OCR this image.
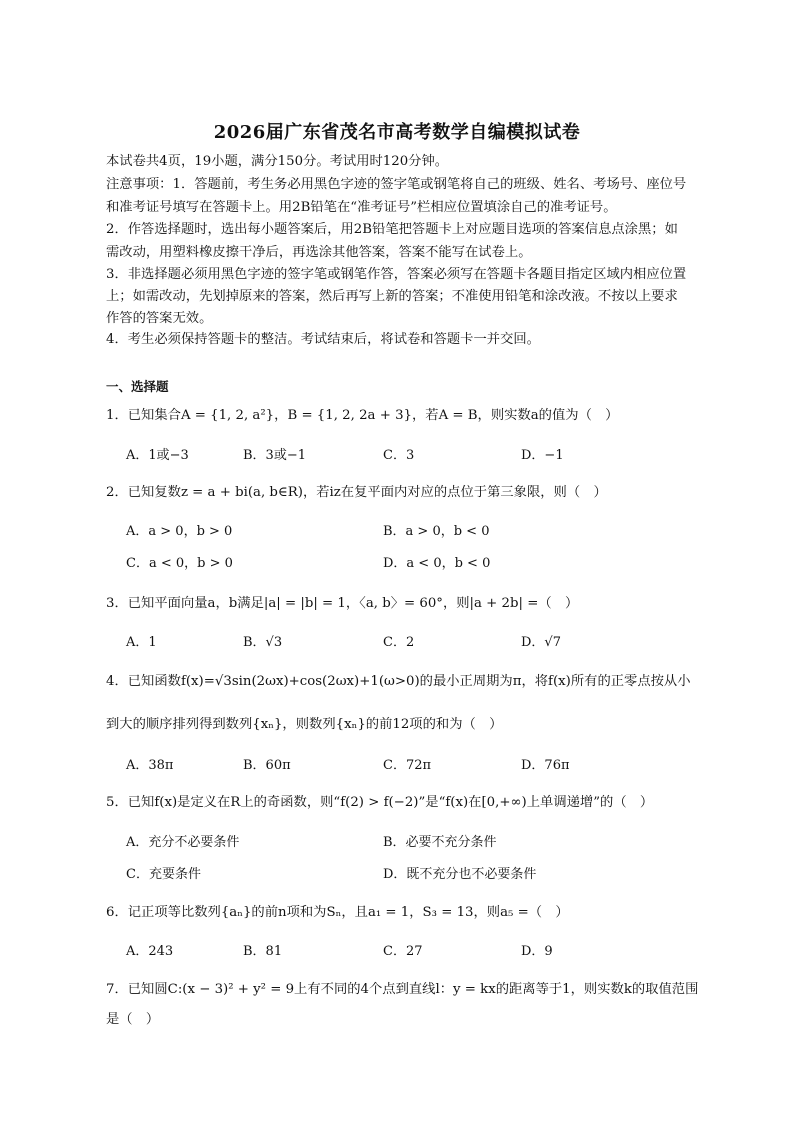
2026届广东省茂名市高考数学自编模拟试卷
本试卷共4页，19小题，满分150分。考试用时120分钟。
注意事项：1．答题前，考生务必用黑色字迹的签字笔或钢笔将自己的班级、姓名、考场号、座位号
和准考证号填写在答题卡上。用2B铅笔在“准考证号”栏相应位置填涂自己的准考证号。
2．作答选择题时，选出每小题答案后，用2B铅笔把答题卡上对应题目选项的答案信息点涂黑；如
需改动，用塑料橡皮擦干净后，再选涂其他答案，答案不能写在试卷上。
3．非选择题必须用黑色字迹的签字笔或钢笔作答，答案必须写在答题卡各题目指定区域内相应位置
上；如需改动，先划掉原来的答案，然后再写上新的答案；不准使用铅笔和涂改液。不按以上要求
作答的答案无效。
4．考生必须保持答题卡的整洁。考试结束后，将试卷和答题卡一并交回。
一、选择题
1．已知集合A = {1, 2, a²}，B = {1, 2, 2a + 3}，若A = B，则实数a的值为（　）
A．1或−3	B．3或−1	C．3	D．−1
2．已知复数z = a + bi(a, b∈R)，若iz在复平面内对应的点位于第三象限，则（　）
A．a > 0，b > 0	B．a > 0，b < 0
C．a < 0，b > 0	D．a < 0，b < 0
3．已知平面向量a，b满足|a| = |b| = 1，〈a, b〉= 60°，则|a + 2b| =（　）
A．1	B．√3	C．2	D．√7
4．已知函数f(x)=√3sin(2ωx)+cos(2ωx)+1(ω>0)的最小正周期为π，将f(x)所有的正零点按从小
到大的顺序排列得到数列{xₙ}，则数列{xₙ}的前12项的和为（　）
A．38π	B．60π	C．72π	D．76π
5．已知f(x)是定义在R上的奇函数，则“f(2) > f(−2)”是“f(x)在[0,+∞)上单调递增”的（　）
A．充分不必要条件	B．必要不充分条件
C．充要条件	D．既不充分也不必要条件
6．记正项等比数列{aₙ}的前n项和为Sₙ，且a₁ = 1，S₃ = 13，则a₅ =（　）
A．243	B．81	C．27	D．9
7．已知圆C:(x − 3)² + y² = 9上有不同的4个点到直线l：y = kx的距离等于1，则实数k的取值范围
是（　）
